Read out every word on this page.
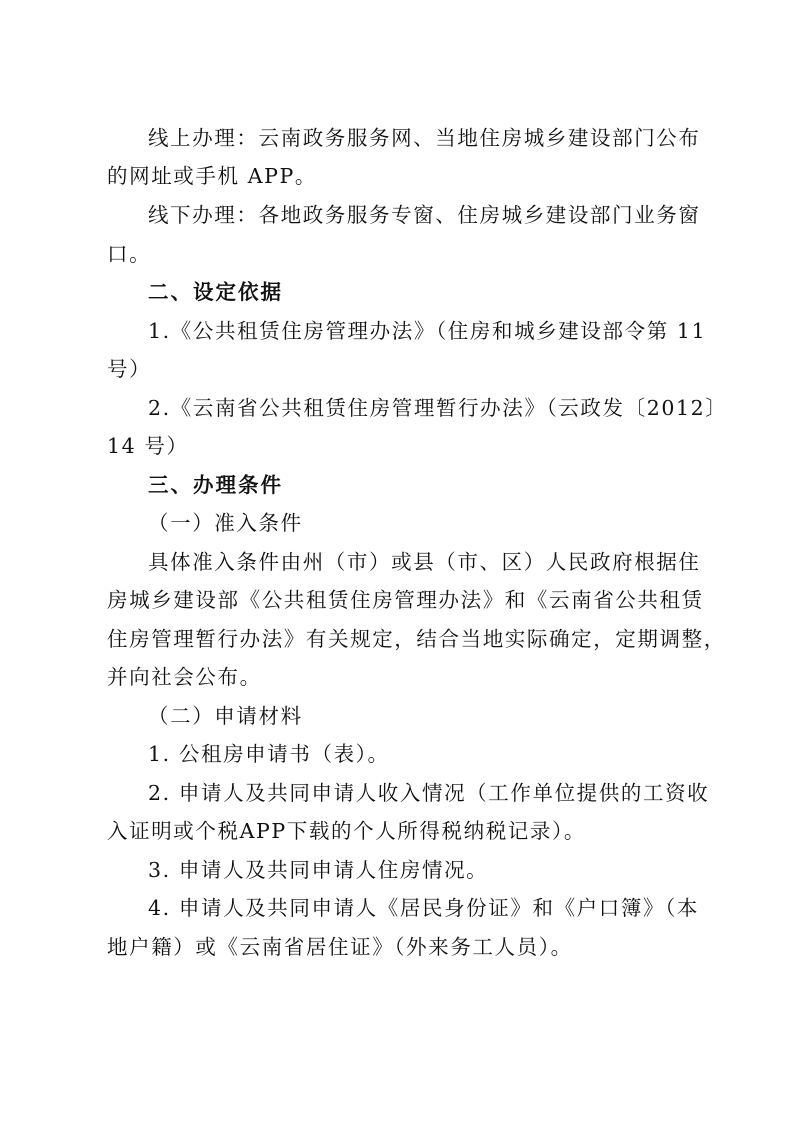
线上办理：云南政务服务网、当地住房城乡建设部门公布
的网址或手机 APP。
线下办理：各地政务服务专窗、住房城乡建设部门业务窗
口。
二、设定依据
1.《公共租赁住房管理办法》（住房和城乡建设部令第 11
号）
2.《云南省公共租赁住房管理暂行办法》（云政发〔2012〕
14 号）
三、办理条件
（一）准入条件
具体准入条件由州（市）或县（市、区）人民政府根据住
房城乡建设部《公共租赁住房管理办法》和《云南省公共租赁
住房管理暂行办法》有关规定，结合当地实际确定，定期调整，
并向社会公布。
（二）申请材料
1. 公租房申请书（表）。
2. 申请人及共同申请人收入情况（工作单位提供的工资收
入证明或个税APP下载的个人所得税纳税记录）。
3. 申请人及共同申请人住房情况。
4. 申请人及共同申请人《居民身份证》和《户口簿》（本
地户籍）或《云南省居住证》（外来务工人员）。
